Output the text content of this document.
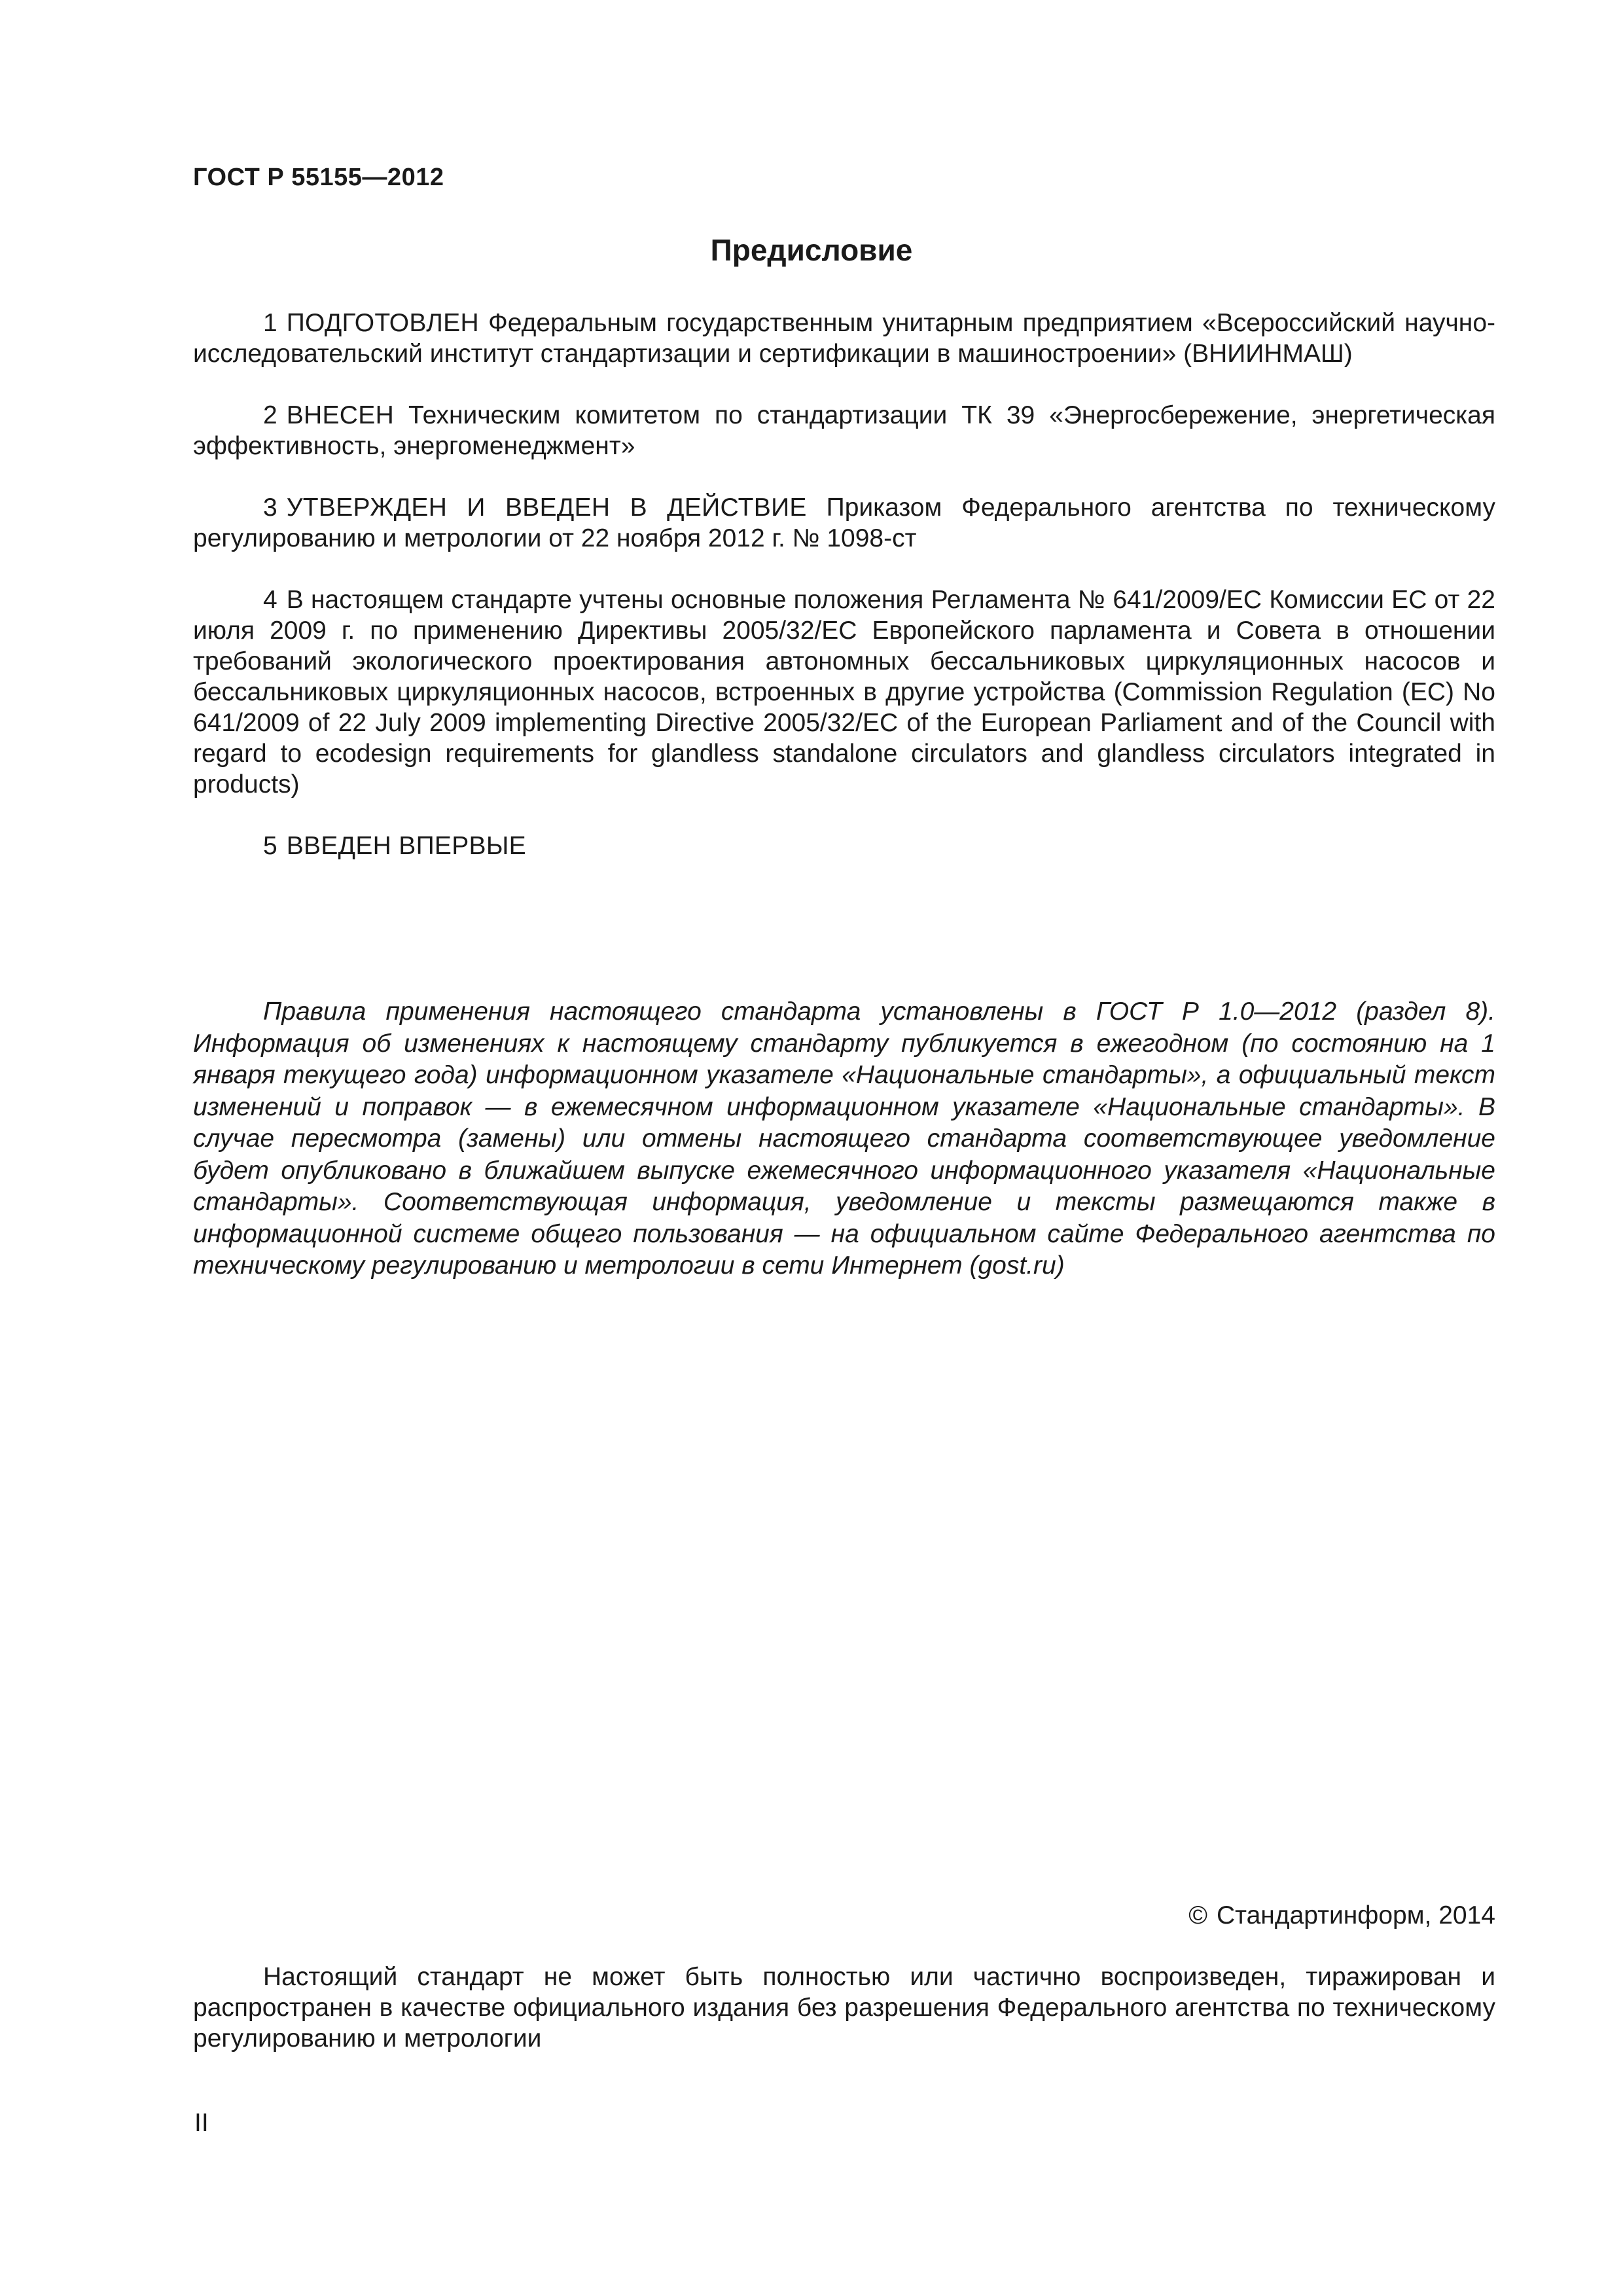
ГОСТ Р 55155—2012
Предисловие

1 ПОДГОТОВЛЕН Федеральным государственным унитарным предприятием «Всероссийский научно-исследовательский институт стандартизации и сертификации в машиностроении» (ВНИИНМАШ)

2 ВНЕСЕН Техническим комитетом по стандартизации ТК 39 «Энергосбережение, энергетическая эффективность, энергоменеджмент»

3 УТВЕРЖДЕН И ВВЕДЕН В ДЕЙСТВИЕ Приказом Федерального агентства по техническому регулированию и метрологии от 22 ноября 2012 г. № 1098-ст

4 В настоящем стандарте учтены основные положения Регламента № 641/2009/ЕС Комиссии ЕС от 22 июля 2009 г. по применению Директивы 2005/32/ЕС Европейского парламента и Совета в отношении требований экологического проектирования автономных бессальниковых циркуляционных насосов и бессальниковых циркуляционных насосов, встроенных в другие устройства (Commission Regulation (ЕС) No 641/2009 of 22 July 2009 implementing Directive 2005/32/EC of the European Parliament and of the Council with regard to ecodesign requirements for glandless standalone circulators and glandless circulators integrated in products)

5 ВВЕДЕН ВПЕРВЫЕ

Правила применения настоящего стандарта установлены в ГОСТ Р 1.0—2012 (раздел 8). Информация об изменениях к настоящему стандарту публикуется в ежегодном (по состоянию на 1 января текущего года) информационном указателе «Национальные стандарты», а официальный текст изменений и поправок — в ежемесячном информационном указателе «Национальные стандарты». В случае пересмотра (замены) или отмены настоящего стандарта соответствующее уведомление будет опубликовано в ближайшем выпуске ежемесячного информационного указателя «Национальные стандарты». Соответствующая информация, уведомление и тексты размещаются также в информационной системе общего пользования — на официальном сайте Федерального агентства по техническому регулированию и метрологии в сети Интернет (gost.ru)

© Стандартинформ, 2014

Настоящий стандарт не может быть полностью или частично воспроизведен, тиражирован и распространен в качестве официального издания без разрешения Федерального агентства по техническому регулированию и метрологии

II
